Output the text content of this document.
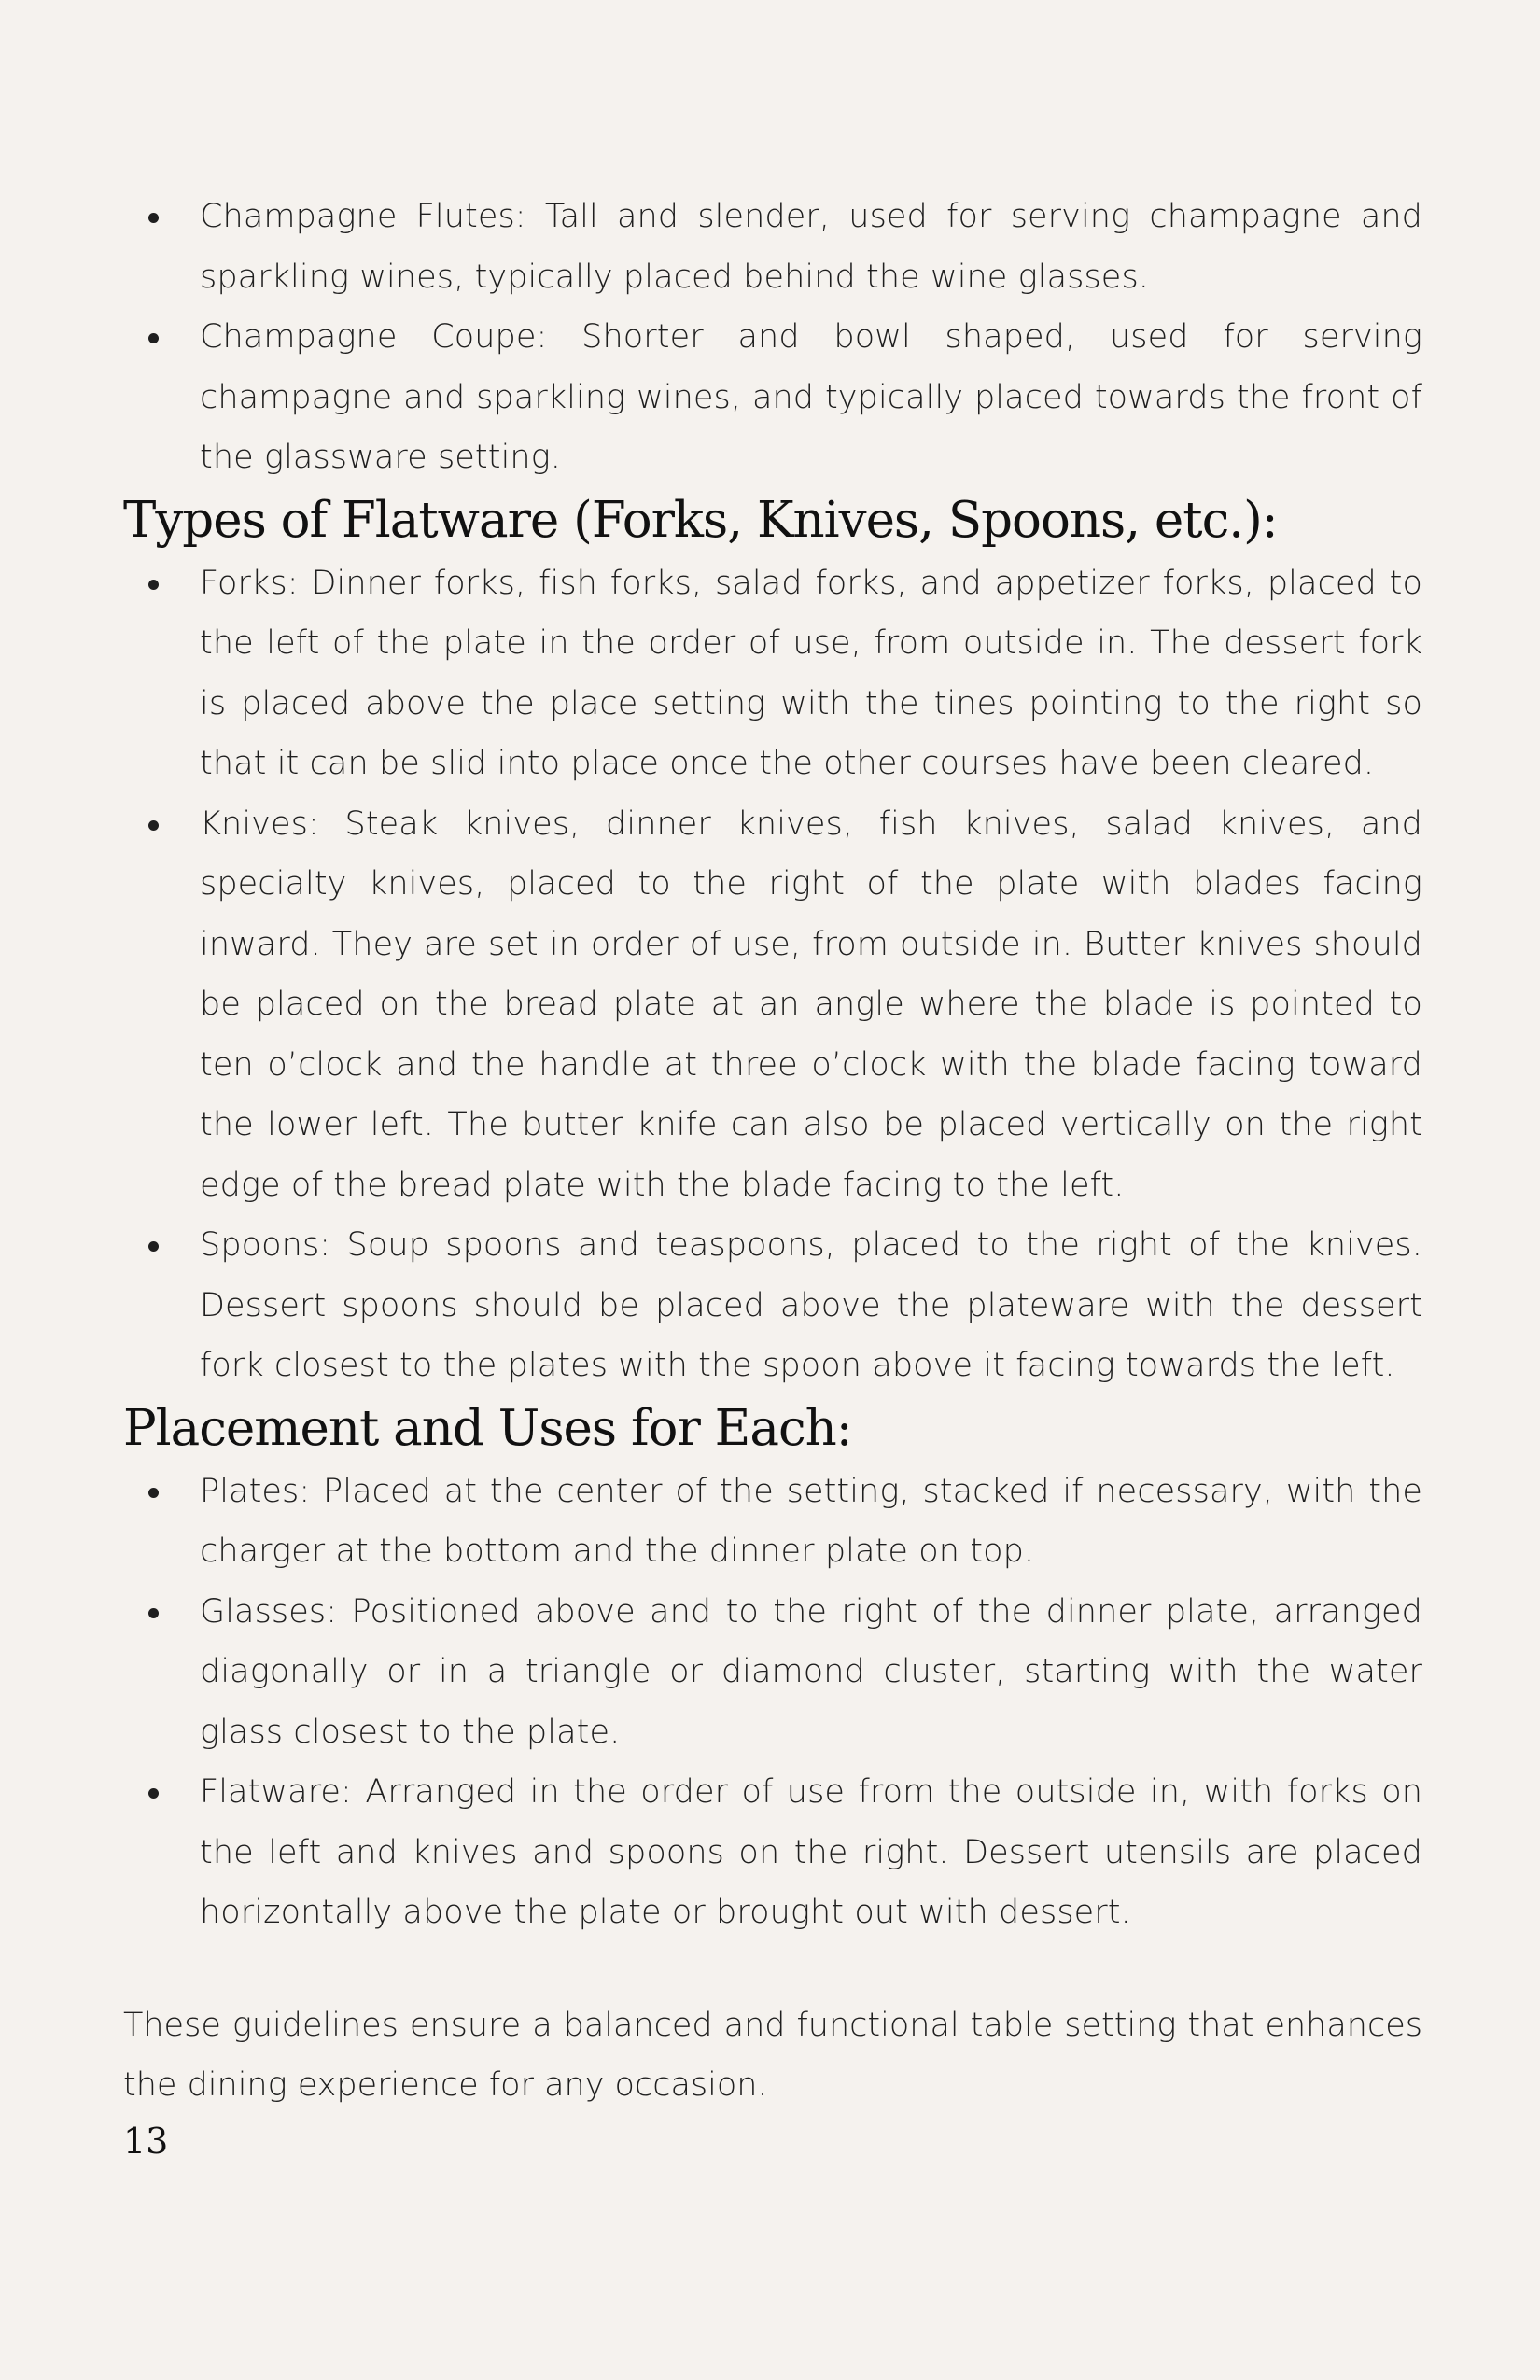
Champagne Flutes: Tall and slender, used for serving champagne and sparkling wines, typically placed behind the wine glasses.
Champagne Coupe: Shorter and bowl shaped, used for serving champagne and sparkling wines, and typically placed towards the front of the glassware setting.
Types of Flatware (Forks, Knives, Spoons, etc.):
Forks: Dinner forks, fish forks, salad forks, and appetizer forks, placed to the left of the plate in the order of use, from outside in. The dessert fork is placed above the place setting with the tines pointing to the right so that it can be slid into place once the other courses have been cleared.
Knives: Steak knives, dinner knives, fish knives, salad knives, and specialty knives, placed to the right of the plate with blades facing inward. They are set in order of use, from outside in. Butter knives should be placed on the bread plate at an angle where the blade is pointed to ten o’clock and the handle at three o’clock with the blade facing toward the lower left. The butter knife can also be placed vertically on the right edge of the bread plate with the blade facing to the left.
Spoons: Soup spoons and teaspoons, placed to the right of the knives. Dessert spoons should be placed above the plateware with the dessert fork closest to the plates with the spoon above it facing towards the left.
Placement and Uses for Each:
Plates: Placed at the center of the setting, stacked if necessary, with the charger at the bottom and the dinner plate on top.
Glasses: Positioned above and to the right of the dinner plate, arranged diagonally or in a triangle or diamond cluster, starting with the water glass closest to the plate.
Flatware: Arranged in the order of use from the outside in, with forks on the left and knives and spoons on the right. Dessert utensils are placed horizontally above the plate or brought out with dessert.

These guidelines ensure a balanced and functional table setting that enhances the dining experience for any occasion.

13
